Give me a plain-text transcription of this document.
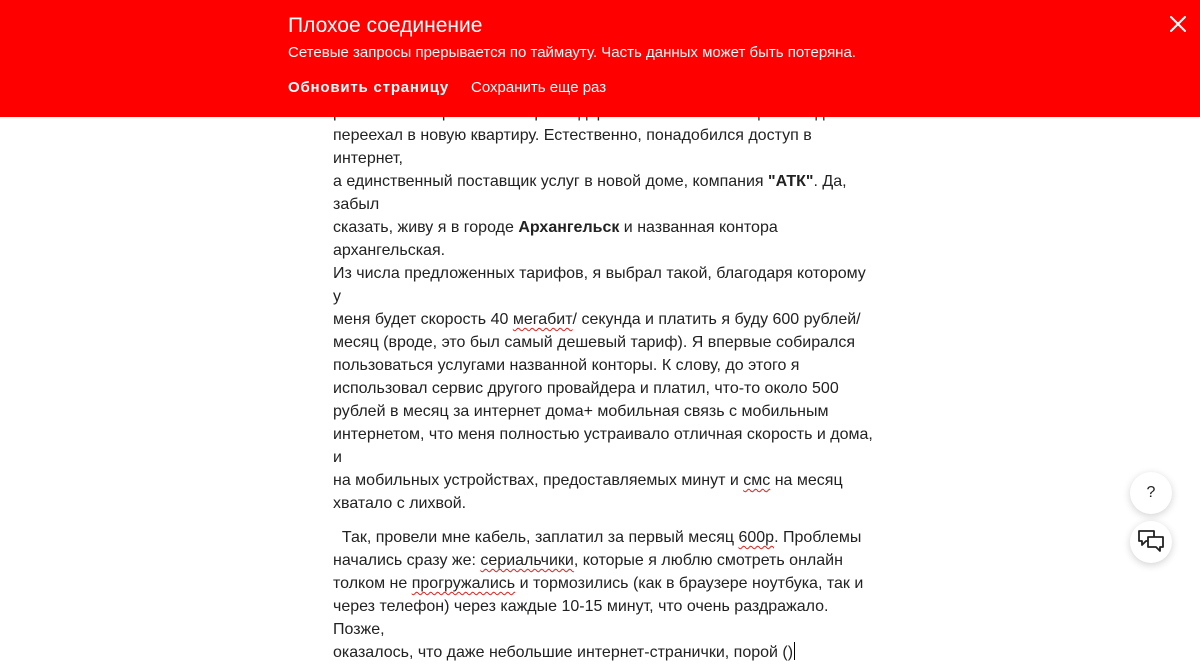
переехал в новую квартиру. Естественно, понадобился доступ в интернет,
а единственный поставщик услуг в новой доме, компания "АТК". Да, забыл
сказать, живу я в городе Архангельск и названная контора архангельская.
Из числа предложенных тарифов, я выбрал такой, благодаря которому у
меня будет скорость 40 мегабит/ секунда и платить я буду 600 рублей/
месяц (вроде, это был самый дешевый тариф). Я впервые собирался
пользоваться услугами названной конторы. К слову, до этого я
использовал сервис другого провайдера и платил, что-то около 500
рублей в месяц за интернет дома+ мобильная связь с мобильным
интернетом, что меня полностью устраивало отличная скорость и дома, и
на мобильных устройствах, предоставляемых минут и смс на месяц
хватало с лихвой.

Так, провели мне кабель, заплатил за первый месяц 600р. Проблемы
начались сразу же: сериальчики, которые я люблю смотреть онлайн
толком не прогружались и тормозились (как в браузере ноутбука, так и
через телефон) через каждые 10-15 минут, что очень раздражало. Позже,
оказалось, что даже небольшие интернет-странички, порой ()

Плохое соединение
Сетевые запросы прерывается по таймауту. Часть данных может быть потеряна.
Обновить страницу Сохранить еще раз
?
